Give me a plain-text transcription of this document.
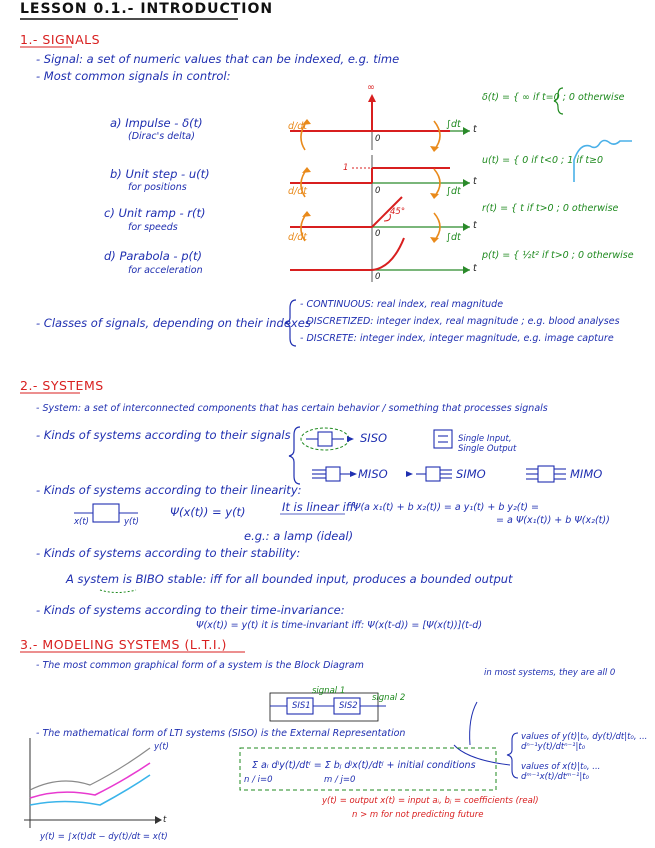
LESSON 0.1.- INTRODUCTION
1.- SIGNALS
- Signal: a set of numeric values that can be indexed, e.g. time
- Most common signals in control:
a) Impulse - δ(t)
(Dirac's delta)
b) Unit step - u(t)
for positions
c) Unit ramp - r(t)
for speeds
d) Parabola - p(t)
for acceleration
∞
t
t
t
t
0
0
0
0
1
45°
d/dt	∫dt
d/dt	∫dt
d/dt	∫dt
δ(t) = { ∞ if t=0 ; 0 otherwise
u(t) = { 0 if t<0 ; 1 if t≥0
r(t) = { t if t>0 ; 0 otherwise
p(t) = { ½t² if t>0 ; 0 otherwise
- Classes of signals, depending on their indexes
- CONTINUOUS: real index, real magnitude
- DISCRETIZED: integer index, real magnitude ; e.g. blood analyses
- DISCRETE: integer index, integer magnitude, e.g. image capture
2.- SYSTEMS
- System: a set of interconnected components that has certain behavior / something that processes signals
- Kinds of systems according to their signals	SISO	Single Input, Single Output
MISO	SIMO	MIMO
- Kinds of systems according to their linearity:
x(t)	y(t)
Ψ(x(t)) = y(t)	It is linear iff:
Ψ(a x₁(t) + b x₂(t)) = a y₁(t) + b y₂(t) =
= a Ψ(x₁(t)) + b Ψ(x₂(t))
e.g.: a lamp (ideal)
- Kinds of systems according to their stability:
A system is BIBO stable: iff for all bounded input, produces a bounded output
- Kinds of systems according to their time-invariance:
Ψ(x(t)) = y(t) it is time-invariant iff: Ψ(x(t-d)) = [Ψ(x(t))](t-d)
3.- MODELING SYSTEMS (L.T.I.)
- The most common graphical form of a system is the Block Diagram
in most systems, they are all 0
SIS1	SIS2
signal 1
signal 2
- The mathematical form of LTI systems (SISO) is the External Representation
Σ aᵢ dⁱy(t)/dtⁱ = Σ bⱼ dʲx(t)/dtʲ + initial conditions
n / i=0	m / j=0
values of y(t)|t₀, dy(t)/dt|t₀, ... dⁿ⁻¹y(t)/dtⁿ⁻¹|t₀
values of x(t)|t₀, ... dᵐ⁻¹x(t)/dtᵐ⁻¹|t₀
y(t) = output x(t) = input aᵢ, bⱼ = coefficients (real)
n > m for not predicting future
y(t)
t
y(t) = ∫x(t)dt − dy(t)/dt = x(t)
